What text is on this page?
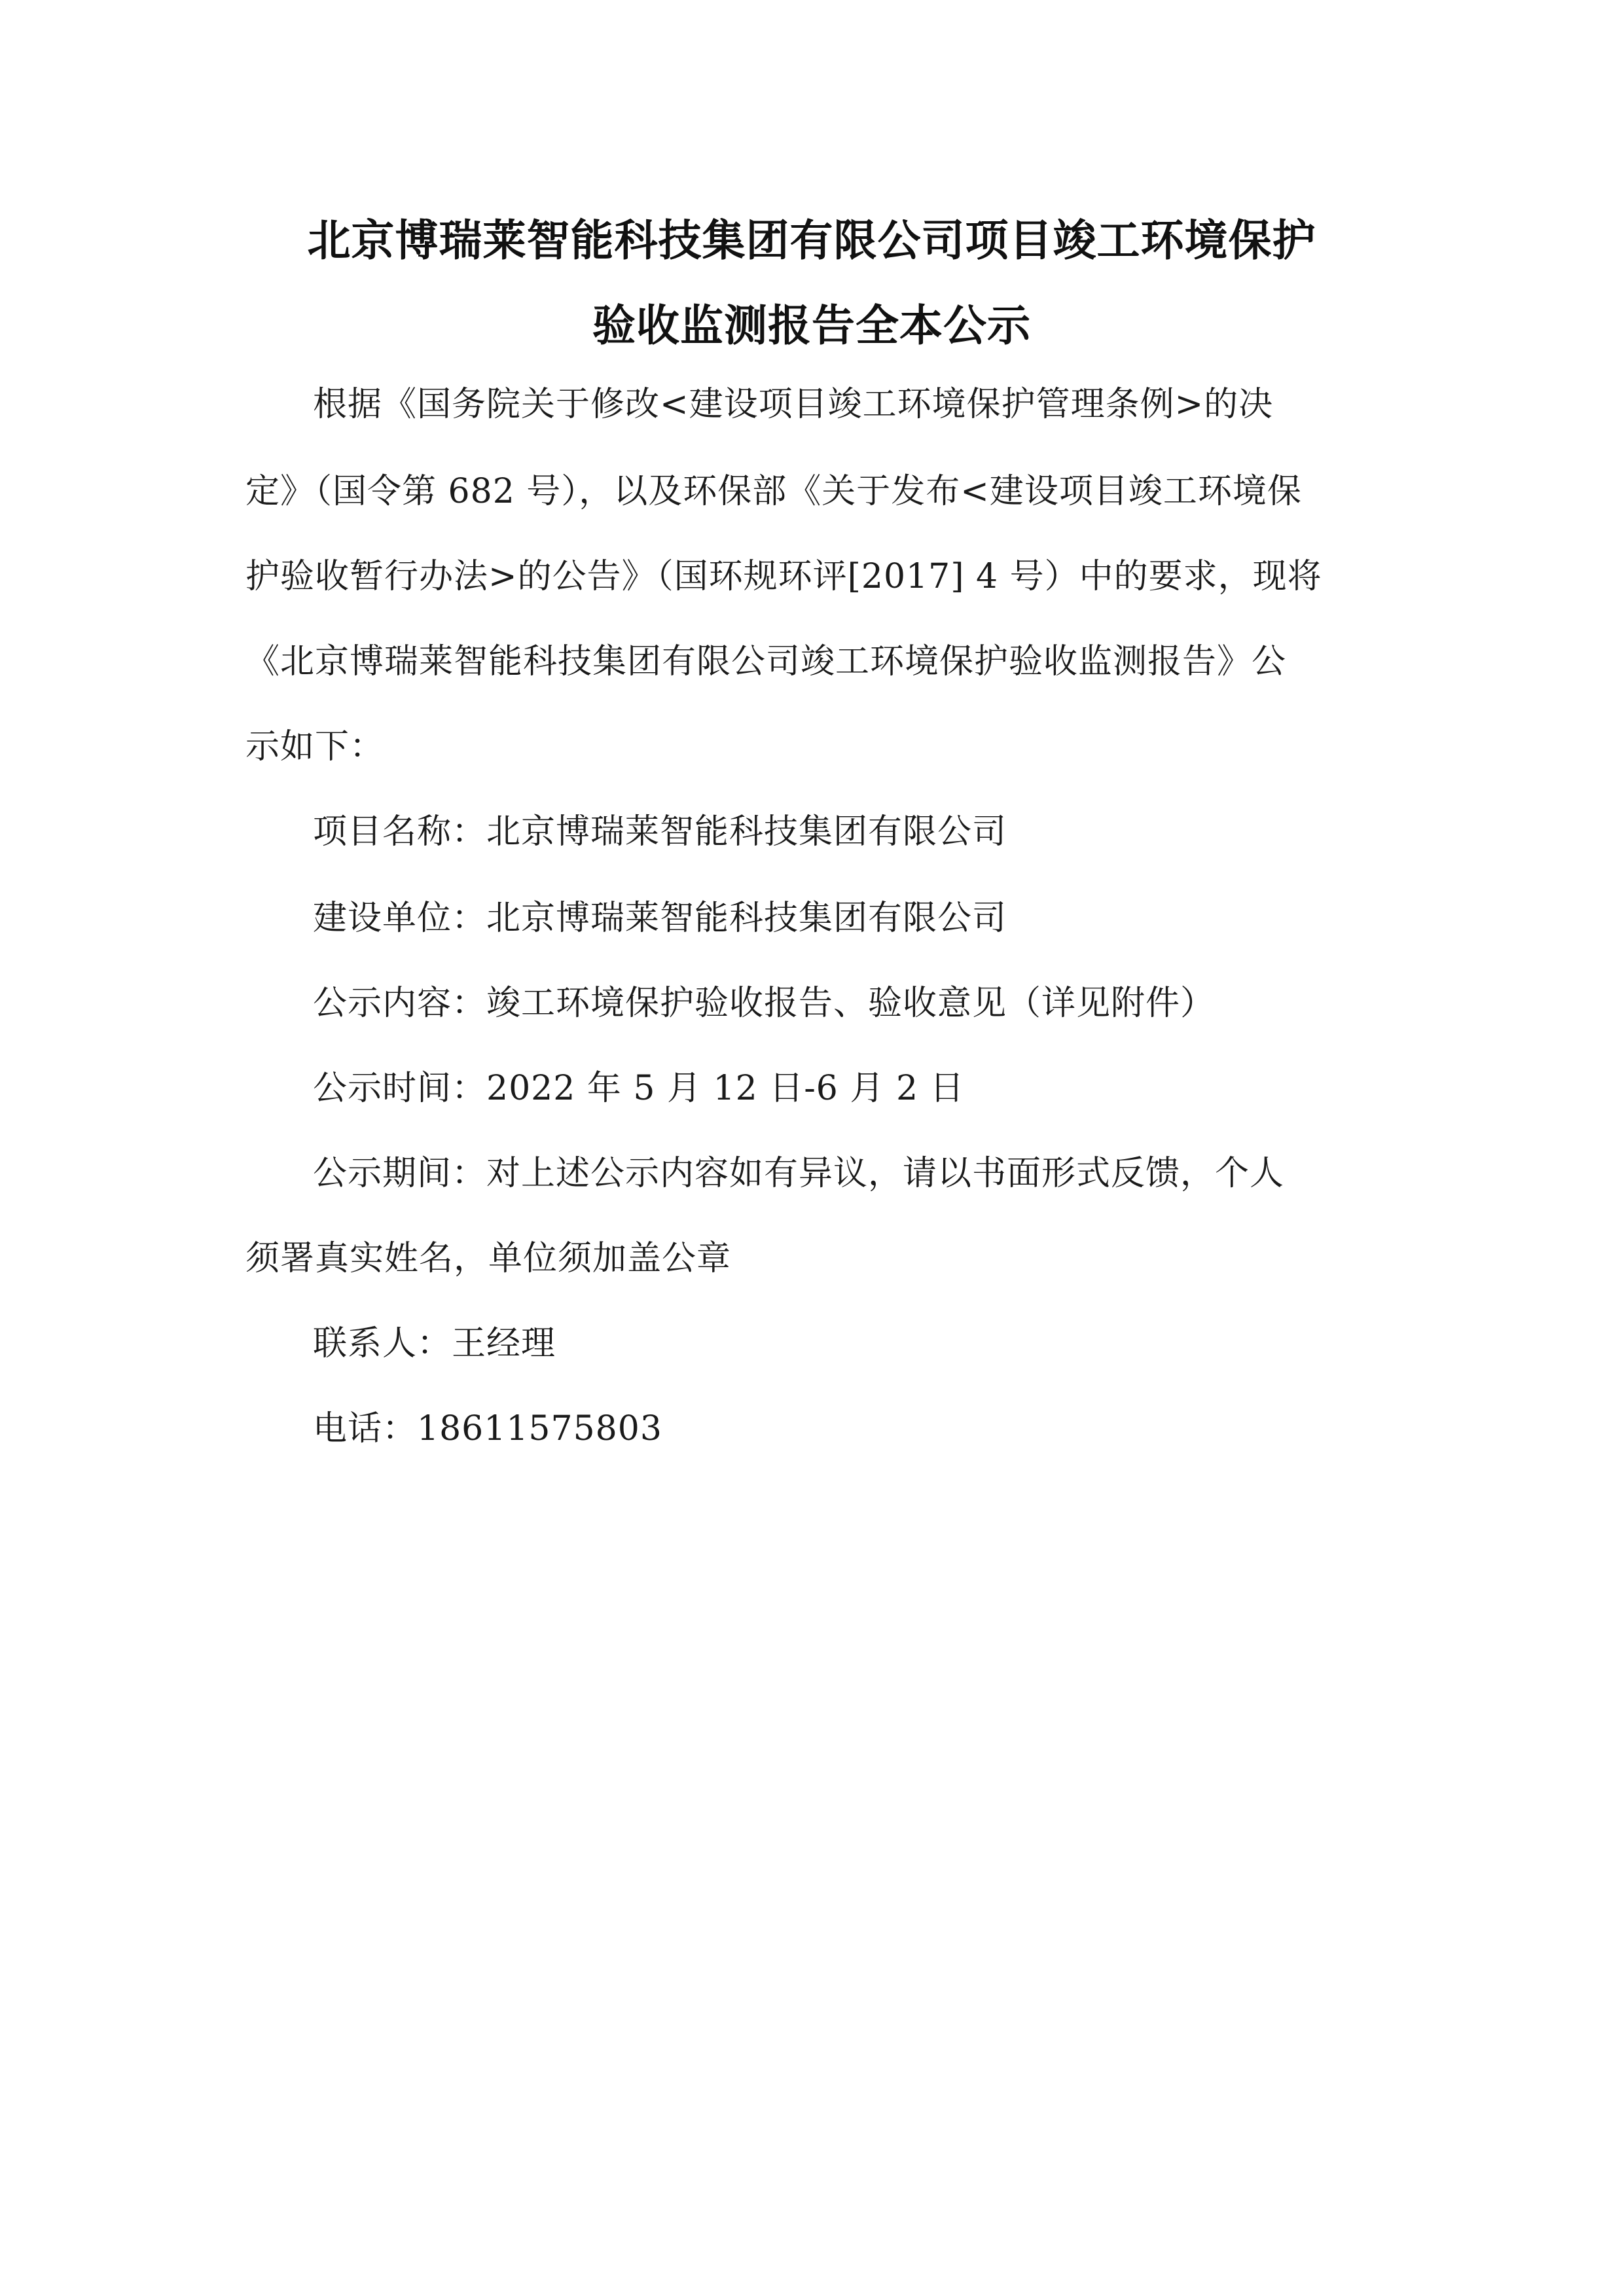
北京博瑞莱智能科技集团有限公司项目竣工环境保护
验收监测报告全本公示
根据《国务院关于修改<建设项目竣工环境保护管理条例>的决
定》（国令第 682 号），以及环保部《关于发布<建设项目竣工环境保
护验收暂行办法>的公告》（国环规环评[2017] 4 号）中的要求，现将
《北京博瑞莱智能科技集团有限公司竣工环境保护验收监测报告》公
示如下：
项目名称：北京博瑞莱智能科技集团有限公司
建设单位：北京博瑞莱智能科技集团有限公司
公示内容：竣工环境保护验收报告、验收意见（详见附件）
公示时间：2022 年 5 月 12 日-6 月 2 日
公示期间：对上述公示内容如有异议，请以书面形式反馈，个人
须署真实姓名，单位须加盖公章
联系人：王经理
电话：18611575803
